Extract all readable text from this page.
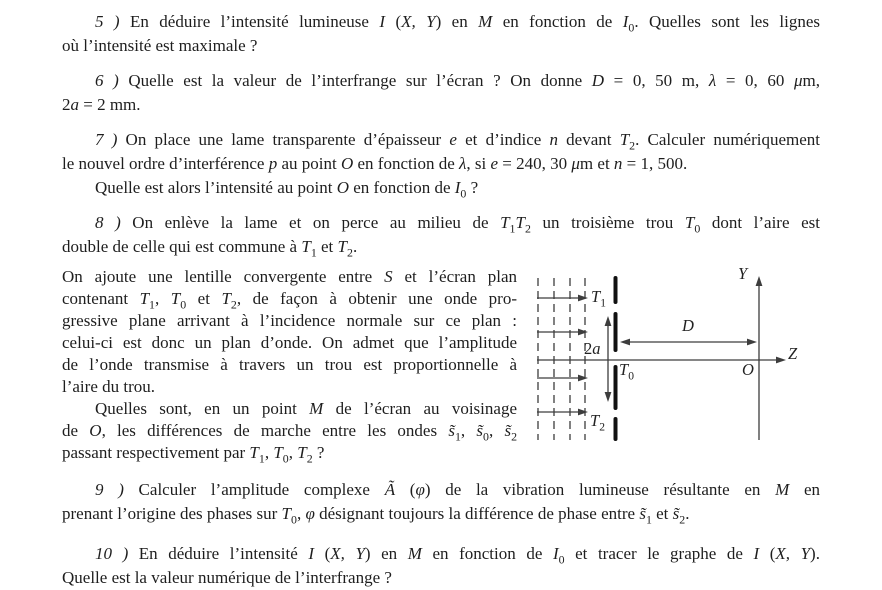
5 ) En déduire l’intensité lumineuse I (X, Y) en M en fonction de $I_0$. Quelles sont les lignes
où l’intensité est maximale ?
6 ) Quelle est la valeur de l’interfrange sur l’écran ? On donne D = 0, 50 m, λ = 0, 60 μm,
2a = 2 mm.
7 ) On place une lame transparente d’épaisseur e et d’indice n devant $T_2$. Calculer numériquement
le nouvel ordre d’interférence p au point O en fonction de λ, si e = 240, 30 μm et n = 1, 500.
Quelle est alors l’intensité au point O en fonction de $I_0$ ?
8 ) On enlève la lame et on perce au milieu de $T_1T_2$ un troisième trou $T_0$ dont l’aire est
double de celle qui est commune à $T_1$ et $T_2$.
On ajoute une lentille convergente entre S et l’écran plan
contenant $T_1$, $T_0$ et $T_2$, de façon à obtenir une onde pro-
gressive plane arrivant à l’incidence normale sur ce plan :
celui-ci est donc un plan d’onde. On admet que l’amplitude
de l’onde transmise à travers un trou est proportionnelle à
l’aire du trou.
Quelles sont, en un point M de l’écran au voisinage
de O, les différences de marche entre les ondes $s̃_1$, $s̃_0$, $s̃_2$
passant respectivement par $T_1$, $T_0$, $T_2$ ?
9 ) Calculer l’amplitude complexe Ã (φ) de la vibration lumineuse résultante en M en
prenant l’origine des phases sur $T_0$, φ désignant toujours la différence de phase entre $s̃_1$ et $s̃_2$.
10 ) En déduire l’intensité I (X, Y) en M en fonction de $I_0$ et tracer le graphe de I (X, Y).
Quelle est la valeur numérique de l’interfrange ?
$T_1$
2a
$T_0$
$T_2$
D
Y
Z
O
